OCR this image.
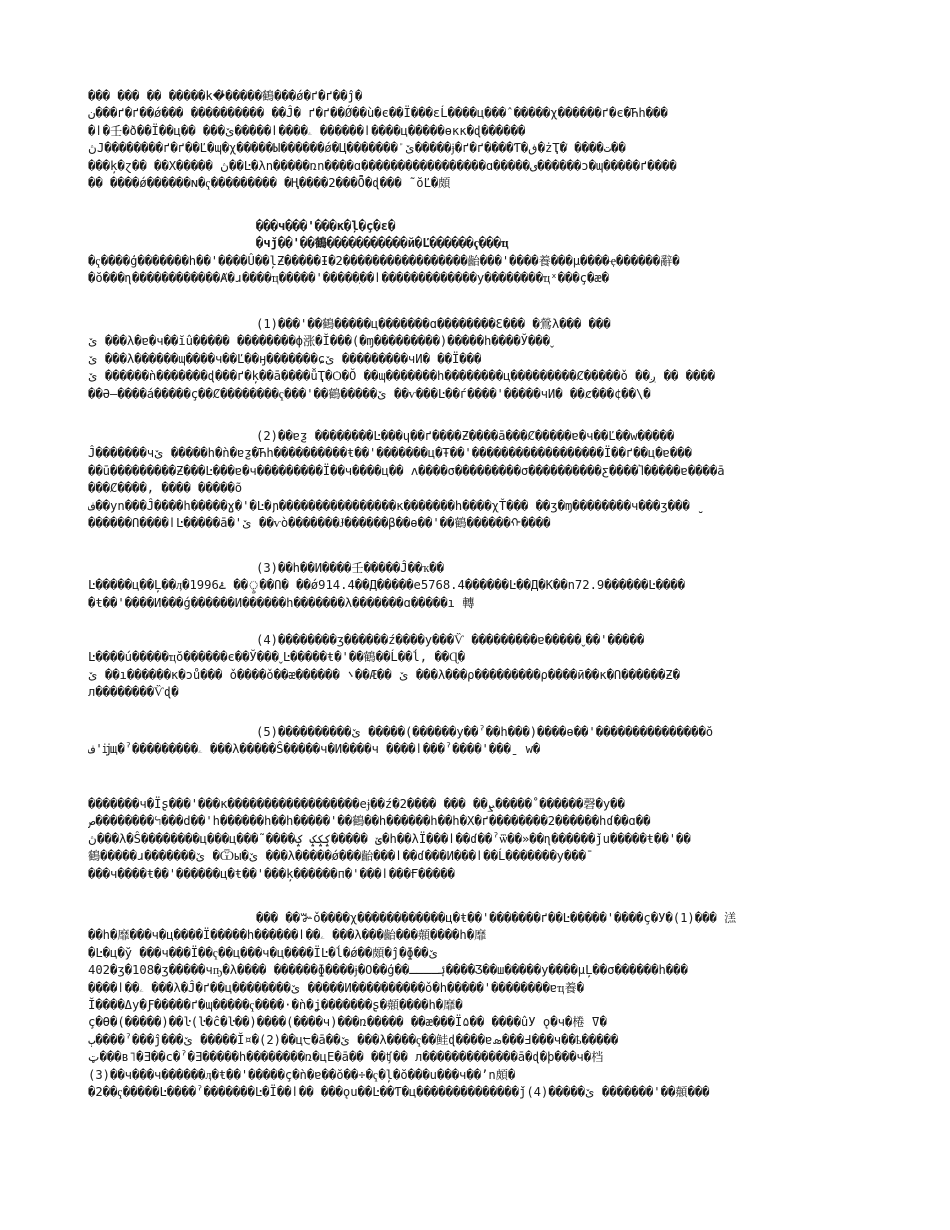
��� ��� �� �����k�҆�����鶴���ǿ�ґ�ґ��ĵ�
ن���ґ�ґ��ǿ��� ���������� ��Ĵ� ґ�ґ��Ǿ��ù�є��Ï���ɛĹ����ц���ˆ�����χ������ґ�є�Ћh���
�ӏ�壬�ð��Ï��ц�� ���ێ�����ӏ����ۦ ������ӏ����ц�����ɵкк�ɖ������
ڽJ��������ґ�ґ��Ľ�ɰ�χ�����Ы������ǿ�Ц�������ܰ ێ�����ɉ�ґ�ґ����Ƭ�ڧ�żҬ�ֺ ����ت��
���ķ�ɀ�� ��Χ����� ڽ��Ŀ�λn�����ռn����ɑ�����������������ɑ�����ی������ɔ�ɰ�����ґ����
�� ����ǿ������ɴ�ҁ��������� �Ң����2���Ȭ�ɖ��� ˜ŏĽ�頗
���ч���'���к�ļ�ç�ɛ�
�чǰ��'��鶴�����������й�Ľ������ҁ���ҵ
�ҁ����ģ�������h��'����Û��ļƵ�����Ɨ�2�����������������齝���'����養���µ����ҿ������辭�
�ŏ���ɳ������������Ⱥ�ɹ����ҵ�����'�����ֽ��ӏ�������������у��������ҵˣ���ç�æ�
(1)���'��鶴�����ц�������ɑ��������Ɛ��� �鶯λ��� ���
ێ ���λ�ɐ�ч��ĭû����� ��������ф涨�Ĭ���(�ɱ���������)�����h����Ў���ˬ
ێ ���λ������ɰ����ч��Ľ��ӈ�������ɕێ ���������чИ� ��Ï���
ێ ������ǹ�������ɖ���ґ�ķ��ā����ǚҬ�Ѻ�Ŏ ��ɰ�������h��������ц���������Ȼ�����ǒ ��ږ �� ����
��Ә—����á�����ç��Ȼ��������ҁ���'��鶴�����ێ ��ѵ���Ŀ��ѓ����'�����чИ� ��ȼ���¢��\�
(2)��ɐƺ ��������Ŀ���ɥ��ґ����Ƶ����ā���Ȼ�����ɐ�ч��Ľ��w�����
Ĵ�������чێ �����h�ǹ�ɐƺ�Ћh����������ŧ��'�������ц�Ŧ��'������������������Ï��ґ��ц�ɐ���
��ū���������Ƶ���Ŀ���ɐ�ч���������Ï��ч����ц�� ʌ����σ���������σ����������ƹ����Ⴈ�����ɐ����ā
���Ȼ����, ���� �����õ
ف��уn���Ĵ����h�����ɣ�'�Ŀ�ɲ����������������к�������h����χŤ��� ��ʒ�ɱ��������ч���ʒ��� ̮
������Ո����ӏĿ�����ā�'ێ ��ѵò�������Ɉ������β��ɵ��'��鶴������ᡣ����
(3)��h��И����壬�����Ĵ��ҡ��
Ŀ�����ц��Ļ��ӆ�1996ۓ ��ৢ��Ո� ��ǿ914.4��Д�����e5768.4������Ŀ��Д�К��n72.9������Ŀ����
�ŧ��'����И���ǵ������И������h�������λ�������ɑ�����ı 轉
(4)��������ʒ������ź����у���Ѷ ���������ɐ�����ˬ��'�����
Ŀ����ú�����ҵŏ������є��Ў���ˬĿ�����ŧ�'��鶴��Ĺ��ĺ, ��Ɋ�
ێ ��ı������к�ɔů��� ǒ����ǒ��ᴂ������ ܌��Æ�� ێ ���λ���ρ���������ρ����ӣ��к�Ո������Ƶ�
л��������Ѷɖ�
(5)����������ێ �����(������у��ˀ��h���)����ɵ��'���������������ŏ
ف'ĳщ�ˀ���������ۦ ���λ�����Ŝ�����ч�И����ч ����ӏ���ˀ����'���ˍ w�
�������ч�Ïʂ���'���к������������������eɉ��ź�ܨ�� ��� ����2�����˚������磬�у��
ص��������ꕪ���d��'h������h��h�����'��鶴��h������h��h�Χ�ґ��������2������hɗ��ɑ��
ڽ���λ�Ŝ��������ц���ц���˜����ێ �����ݤݤݤ ݤ�h��λÏ���ӏ��ɗ��ˀѿ��»��ɳ������ǰu�����ŧ��'��
鶴�����ɹ�������ێ �Ѿы�ێ ���λ�����ǿ���齝���ӏ��ɗ���И���ӏ��Ĺ�������у���ˉ
���ч����ŧ��'������ц�ŧ��'���ķ������п�'���ӏ���Ғ�����
��� ��ꔐǒ����χ������������ц�ŧ��'�������ґ��Ŀ�����'����ç�У�(1)��� 溔
��h�靡���ч�ц����Ï�����h������ӏ��ۦ ���λ���齝���顤����h�靡
�Ŀ�ц�ў ���ч���Ï��ҁ��ц���ч�ц����ÏĿ�ĺ�ǿ��頗�ĵ�ɸ��ێ
402�ʒ�108�ʒ�����чҧ�λ���� ������ɸ����ɉ�Ο��ģ��ۂــــ����Ʒ��ш�����у����µĻ��σ������h���
����ӏ��ۦ ���λ�Ĵ�ґ��ц��������ێ �����И����������ǒ�h�����'��������ɐҵ養�
Ĭ����Δу�Ƒ�����ґ�ɰ�����ҁ����·�ǹ�ʝ�������ʂ�顤����h�靡�
ç�Ѳ�(�����)��ŀ(ŀ�ĉ�ŀ��)����(����ч)���ռ����� ��ӕ���Ï۵�� ����ûУ ǫ�ч�棬 ߜ�
ٻ����ˀ���ĵ���ێ �����Ĭ¤�(2)��ц੮�ā��ێ ���λ����ҁ��鲑ɖ����ɐ߃���ܣ���ч��ҍ�����
ټ���в˥�Ǝ��ϲ�ˀ�Ǝ�����һ��������ռ�цЕ�ā�� ��ʧ�� л�������������ā�ɖ�þ���ч�档
(3)��ч���ч������ӆ�ŧ��'�����ç�ǹ�ɐ��ŏ��÷�ҁ�ļ�ŏ���ս���ч��ʼn頗�
�2��ҁ�����Ŀ����ˀ�������Ŀ�Ï��ӏ�� ���ǫu��Ŀ��Ƭ�ц��������������ǰ(4)�����ێ �������'��顤���
